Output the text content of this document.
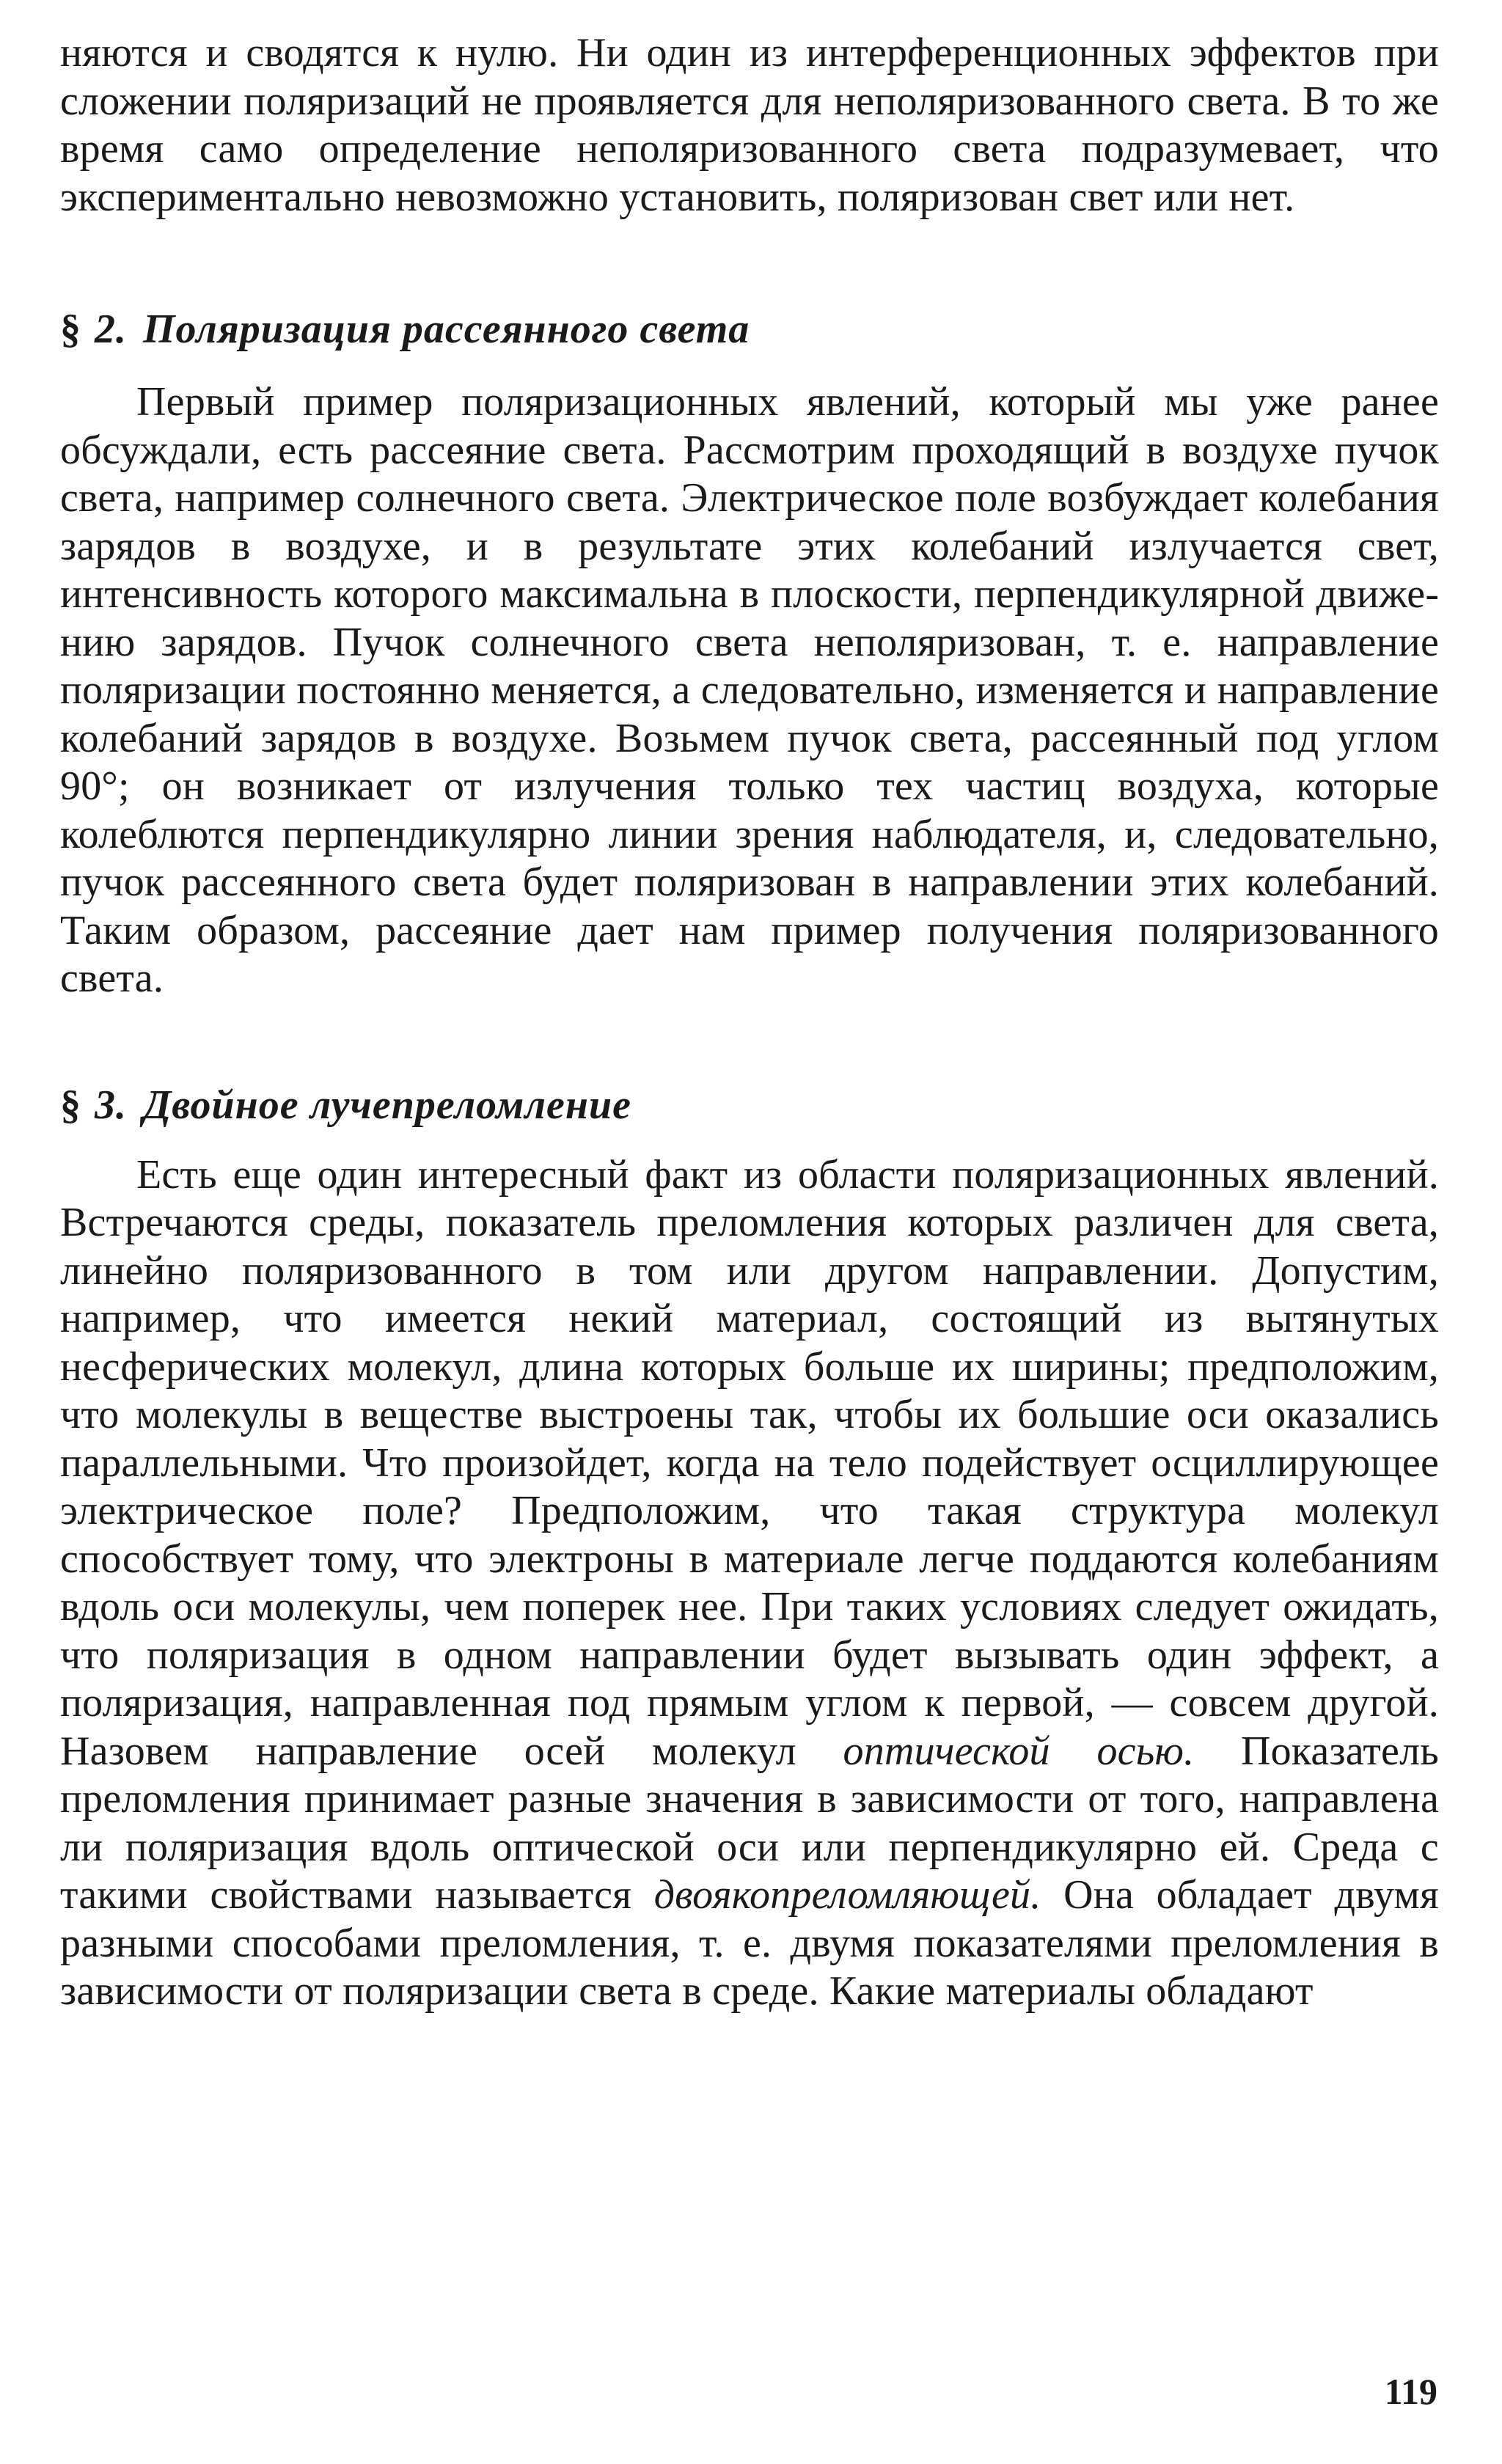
няются и сводятся к нулю. Ни один из интерференционных эффектов при сложении поляризаций не проявляется для неполяризованного света. В то же время само определение неполяризованного света подразумевает, что экспериментально невозможно установить, поляризован свет или нет.

§ 2. Поляризация рассеянного света

Первый пример поляризационных явлений, который мы уже ранее обсуждали, есть рассеяние света. Рассмотрим проходящий в воздухе пучок света, например солнечного света. Электрическое поле возбуждает колебания зарядов в воздухе, и в результате этих колебаний излучается свет, интенсивность которого максимальна в плоскости, перпендикулярной движению зарядов. Пучок солнечного света неполяризован, т. е. направление поляризации постоянно меняется, а следовательно, изменяется и направление колебаний зарядов в воздухе. Возьмем пучок света, рассеянный под углом 90°; он возникает от излучения только тех частиц воздуха, которые колеблются перпендикулярно линии зрения наблюдателя, и, следовательно, пучок рассеянного света будет поляризован в направлении этих колебаний. Таким образом, рассеяние дает нам пример получения поляризованного света.

§ 3. Двойное лучепреломление

Есть еще один интересный факт из области поляризационных явлений. Встречаются среды, показатель преломления которых различен для света, линейно поляризованного в том или другом направлении. Допустим, например, что имеется некий материал, состоящий из вытянутых несферических молекул, длина которых больше их ширины; предположим, что молекулы в веществе выстроены так, чтобы их большие оси оказались параллельными. Что произойдет, когда на тело подействует осциллирующее электрическое поле? Предположим, что такая структура молекул способствует тому, что электроны в материале легче поддаются колебаниям вдоль оси молекулы, чем поперек нее. При таких условиях следует ожидать, что поляризация в одном направлении будет вызывать один эффект, а поляризация, направленная под прямым углом к первой, — совсем другой. Назовем направление осей молекул оптической осью. Показатель преломления принимает разные значения в зависимости от того, направлена ли поляризация вдоль оптической оси или перпендикулярно ей. Среда с такими свойствами называется двоякопреломляющей. Она обладает двумя разными способами преломления, т. е. двумя показателями преломления в зависимости от поляризации света в среде. Какие материалы обладают

119
